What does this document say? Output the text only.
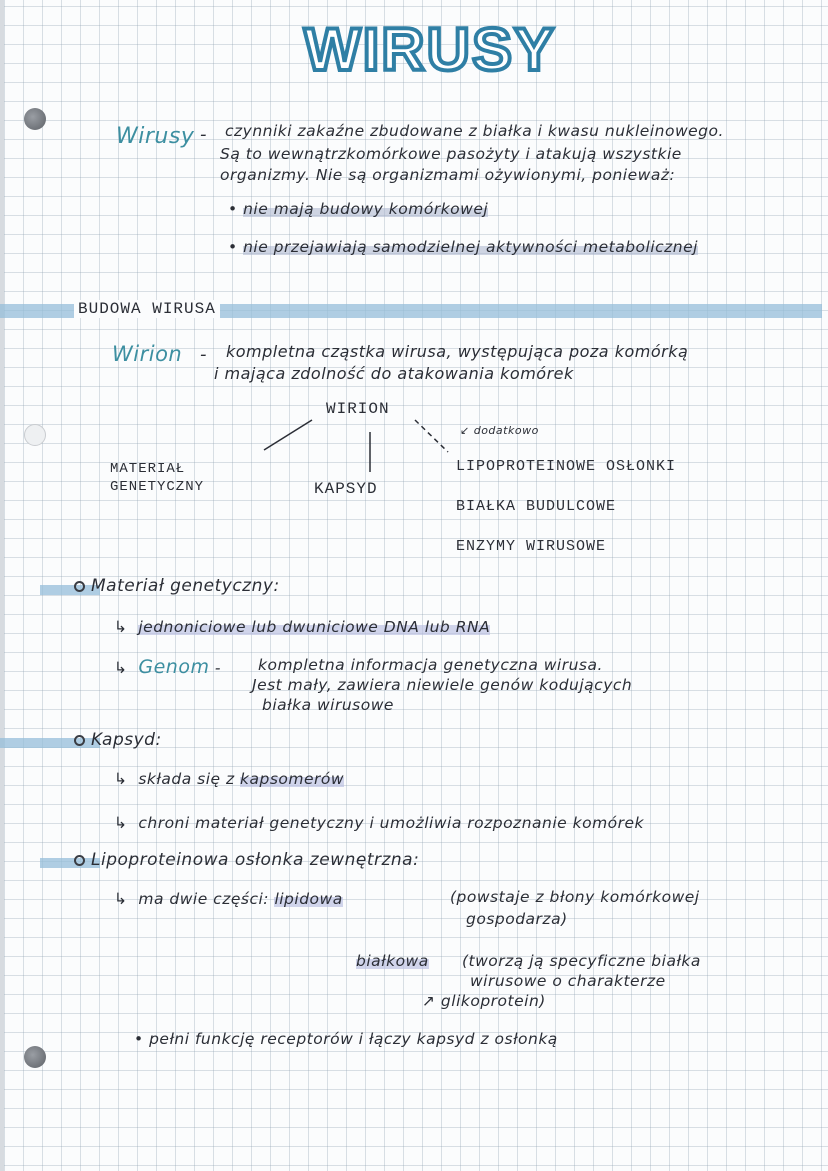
WIRUSY
Wirusy - czynniki zakaźne zbudowane z białka i kwasu nukleinowego.
Są to wewnątrzkomórkowe pasożyty i atakują wszystkie
organizmy. Nie są organizmami ożywionymi, ponieważ:
• nie mają budowy komórkowej
• nie przejawiają samodzielnej aktywności metabolicznej
BUDOWA WIRUSA
Wirion - kompletna cząstka wirusa, występująca poza komórką
i mająca zdolność do atakowania komórek
WIRION
↙ dodatkowo
MATERIAŁ GENETYCZNY	KAPSYD
LIPOPROTEINOWE OSŁONKI
BIAŁKA BUDULCOWE
ENZYMY WIRUSOWE
Materiał genetyczny:
↳ jednoniciowe lub dwuniciowe DNA lub RNA
↳ Genom - kompletna informacja genetyczna wirusa.
Jest mały, zawiera niewiele genów kodujących
białka wirusowe
Kapsyd:
↳ składa się z kapsomerów
↳ chroni materiał genetyczny i umożliwia rozpoznanie komórek
Lipoproteinowa osłonka zewnętrzna:
↳ ma dwie części: lipidowa	(powstaje z błony komórkowej
gospodarza)
białkowa (tworzą ją specyficzne białka
wirusowe o charakterze
↗ glikoprotein)
• pełni funkcję receptorów i łączy kapsyd z osłonką
